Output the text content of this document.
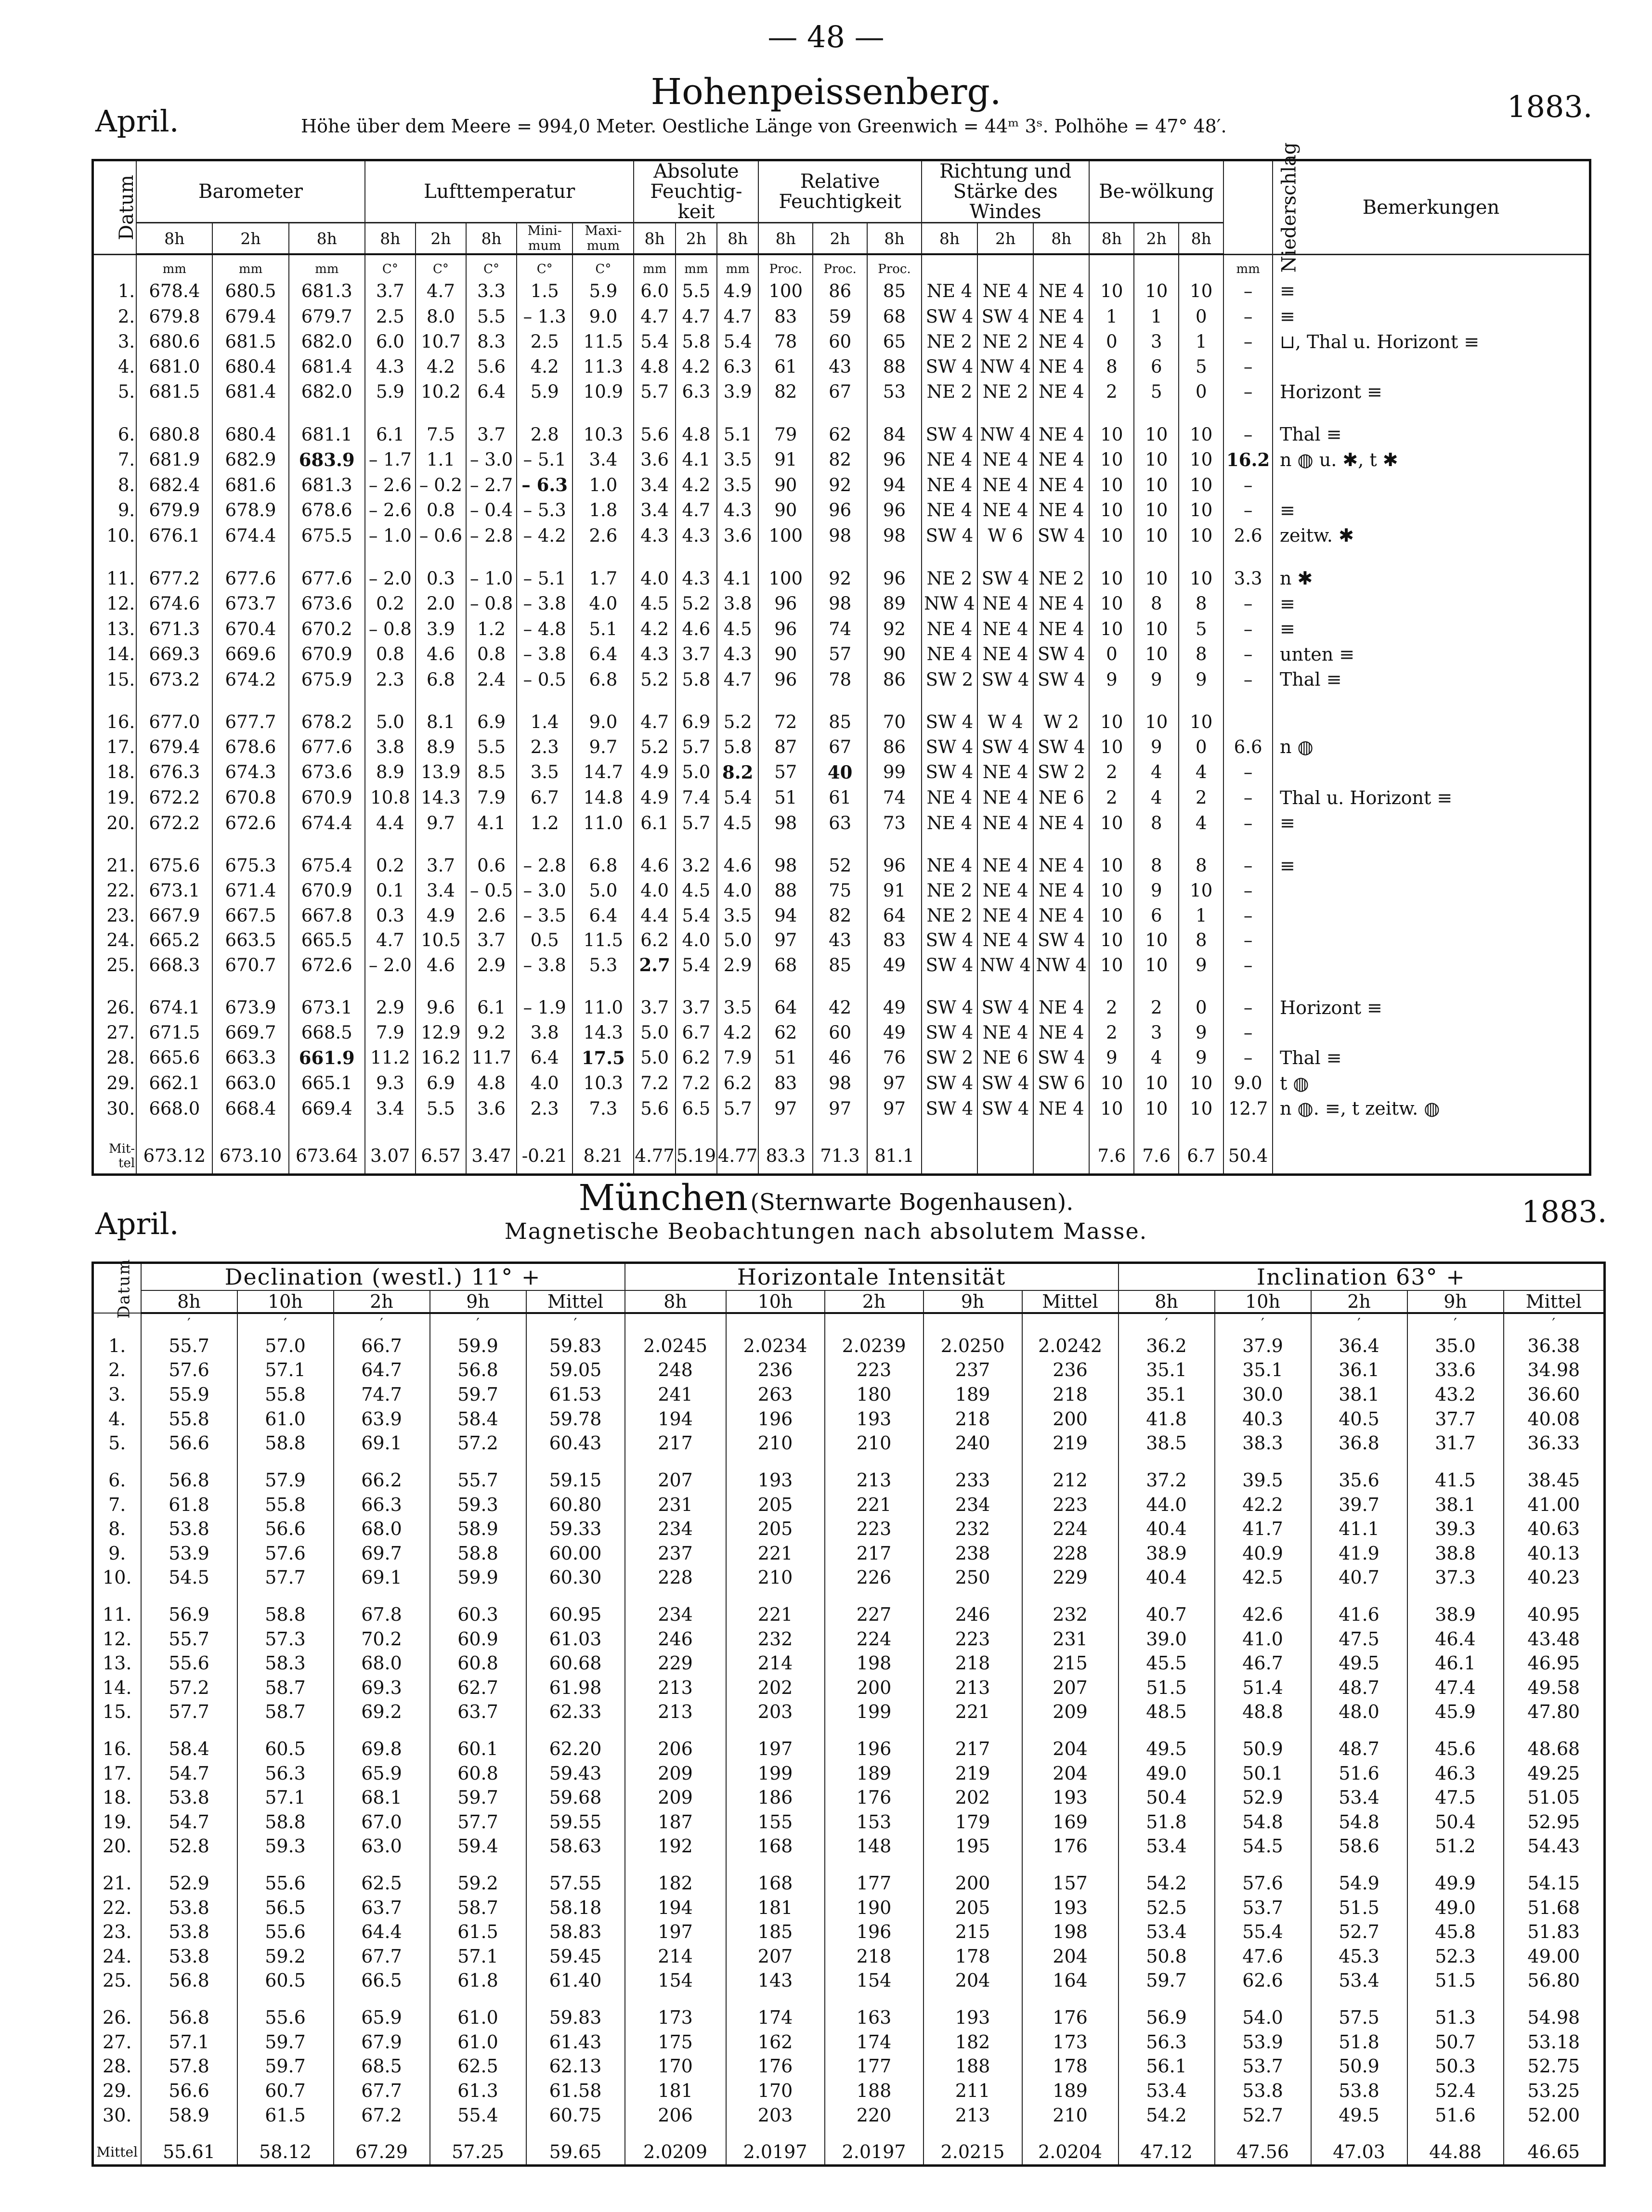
— 48 —
April.
Hohenpeissenberg.	1883.
Höhe über dem Meere = 994,0 Meter. Oestliche Länge von Greenwich = 44ᵐ 3ˢ. Polhöhe = 47° 48′.
Datum	Barometer			Lufttemperatur					Absolute Feuchtig-keit			Relative Feuchtigkeit			Richtung und Stärke des Windes			Be-wölkung			Niederschlag	Bemerkungen
	8h	2h	8h	8h	2h	8h	Mini-mum	Maxi-mum	8h	2h	8h	8h	2h	8h	8h	2h	8h	8h	2h	8h		
	mm	mm	mm	C°	C°	C°	C°	C°	mm	mm	mm	Proc.	Proc.	Proc.							mm	
1.	678.4	680.5	681.3	3.7	4.7	3.3	1.5	5.9	6.0	5.5	4.9	100	86	85	NE 4	NE 4	NE 4	10	10	10	–	≡
2.	679.8	679.4	679.7	2.5	8.0	5.5	– 1.3	9.0	4.7	4.7	4.7	83	59	68	SW 4	SW 4	NE 4	1	1	0	–	≡
3.	680.6	681.5	682.0	6.0	10.7	8.3	2.5	11.5	5.4	5.8	5.4	78	60	65	NE 2	NE 2	NE 4	0	3	1	–	⊔, Thal u. Horizont ≡
4.	681.0	680.4	681.4	4.3	4.2	5.6	4.2	11.3	4.8	4.2	6.3	61	43	88	SW 4	NW 4	NE 4	8	6	5	–	
5.	681.5	681.4	682.0	5.9	10.2	6.4	5.9	10.9	5.7	6.3	3.9	82	67	53	NE 2	NE 2	NE 4	2	5	0	–	Horizont ≡

6.	680.8	680.4	681.1	6.1	7.5	3.7	2.8	10.3	5.6	4.8	5.1	79	62	84	SW 4	NW 4	NE 4	10	10	10	–	Thal ≡
7.	681.9	682.9	683.9	– 1.7	1.1	– 3.0	– 5.1	3.4	3.6	4.1	3.5	91	82	96	NE 4	NE 4	NE 4	10	10	10	16.2	n ◍ u. ✱, t ✱
8.	682.4	681.6	681.3	– 2.6	– 0.2	– 2.7	– 6.3	1.0	3.4	4.2	3.5	90	92	94	NE 4	NE 4	NE 4	10	10	10	–	
9.	679.9	678.9	678.6	– 2.6	0.8	– 0.4	– 5.3	1.8	3.4	4.7	4.3	90	96	96	NE 4	NE 4	NE 4	10	10	10	–	≡
10.	676.1	674.4	675.5	– 1.0	– 0.6	– 2.8	– 4.2	2.6	4.3	4.3	3.6	100	98	98	SW 4	W 6	SW 4	10	10	10	2.6	zeitw. ✱

11.	677.2	677.6	677.6	– 2.0	0.3	– 1.0	– 5.1	1.7	4.0	4.3	4.1	100	92	96	NE 2	SW 4	NE 2	10	10	10	3.3	n ✱
12.	674.6	673.7	673.6	0.2	2.0	– 0.8	– 3.8	4.0	4.5	5.2	3.8	96	98	89	NW 4	NE 4	NE 4	10	8	8	–	≡
13.	671.3	670.4	670.2	– 0.8	3.9	1.2	– 4.8	5.1	4.2	4.6	4.5	96	74	92	NE 4	NE 4	NE 4	10	10	5	–	≡
14.	669.3	669.6	670.9	0.8	4.6	0.8	– 3.8	6.4	4.3	3.7	4.3	90	57	90	NE 4	NE 4	SW 4	0	10	8	–	unten ≡
15.	673.2	674.2	675.9	2.3	6.8	2.4	– 0.5	6.8	5.2	5.8	4.7	96	78	86	SW 2	SW 4	SW 4	9	9	9	–	Thal ≡

16.	677.0	677.7	678.2	5.0	8.1	6.9	1.4	9.0	4.7	6.9	5.2	72	85	70	SW 4	W 4	W 2	10	10	10		
17.	679.4	678.6	677.6	3.8	8.9	5.5	2.3	9.7	5.2	5.7	5.8	87	67	86	SW 4	SW 4	SW 4	10	9	0	6.6	n ◍
18.	676.3	674.3	673.6	8.9	13.9	8.5	3.5	14.7	4.9	5.0	8.2	57	40	99	SW 4	NE 4	SW 2	2	4	4	–	
19.	672.2	670.8	670.9	10.8	14.3	7.9	6.7	14.8	4.9	7.4	5.4	51	61	74	NE 4	NE 4	NE 6	2	4	2	–	Thal u. Horizont ≡
20.	672.2	672.6	674.4	4.4	9.7	4.1	1.2	11.0	6.1	5.7	4.5	98	63	73	NE 4	NE 4	NE 4	10	8	4	–	≡

21.	675.6	675.3	675.4	0.2	3.7	0.6	– 2.8	6.8	4.6	3.2	4.6	98	52	96	NE 4	NE 4	NE 4	10	8	8	–	≡
22.	673.1	671.4	670.9	0.1	3.4	– 0.5	– 3.0	5.0	4.0	4.5	4.0	88	75	91	NE 2	NE 4	NE 4	10	9	10	–	
23.	667.9	667.5	667.8	0.3	4.9	2.6	– 3.5	6.4	4.4	5.4	3.5	94	82	64	NE 2	NE 4	NE 4	10	6	1	–	
24.	665.2	663.5	665.5	4.7	10.5	3.7	0.5	11.5	6.2	4.0	5.0	97	43	83	SW 4	NE 4	SW 4	10	10	8	–	
25.	668.3	670.7	672.6	– 2.0	4.6	2.9	– 3.8	5.3	2.7	5.4	2.9	68	85	49	SW 4	NW 4	NW 4	10	10	9	–	

26.	674.1	673.9	673.1	2.9	9.6	6.1	– 1.9	11.0	3.7	3.7	3.5	64	42	49	SW 4	SW 4	NE 4	2	2	0	–	Horizont ≡
27.	671.5	669.7	668.5	7.9	12.9	9.2	3.8	14.3	5.0	6.7	4.2	62	60	49	SW 4	NE 4	NE 4	2	3	9	–	
28.	665.6	663.3	661.9	11.2	16.2	11.7	6.4	17.5	5.0	6.2	7.9	51	46	76	SW 2	NE 6	SW 4	9	4	9	–	Thal ≡
29.	662.1	663.0	665.1	9.3	6.9	4.8	4.0	10.3	7.2	7.2	6.2	83	98	97	SW 4	SW 4	SW 6	10	10	10	9.0	t ◍
30.	668.0	668.4	669.4	3.4	5.5	3.6	2.3	7.3	5.6	6.5	5.7	97	97	97	SW 4	SW 4	NE 4	10	10	10	12.7	n ◍. ≡, t zeitw. ◍

Mit-tel	673.12	673.10	673.64	3.07	6.57	3.47	-0.21	8.21	4.77	5.19	4.77	83.3	71.3	81.1				7.6	7.6	6.7	50.4	
April.
München (Sternwarte Bogenhausen).	1883.
Magnetische Beobachtungen nach absolutem Masse.
Datum	Declination (westl.) 11° +					Horizontale Intensität					Inclination 63° +				
	8h	10h	2h	9h	Mittel	8h	10h	2h	9h	Mittel	8h	10h	2h	9h	Mittel
	′	′	′	′	′						′	′	′	′	′
1.	55.7	57.0	66.7	59.9	59.83	2.0245	2.0234	2.0239	2.0250	2.0242	36.2	37.9	36.4	35.0	36.38
2.	57.6	57.1	64.7	56.8	59.05	248	236	223	237	236	35.1	35.1	36.1	33.6	34.98
3.	55.9	55.8	74.7	59.7	61.53	241	263	180	189	218	35.1	30.0	38.1	43.2	36.60
4.	55.8	61.0	63.9	58.4	59.78	194	196	193	218	200	41.8	40.3	40.5	37.7	40.08
5.	56.6	58.8	69.1	57.2	60.43	217	210	210	240	219	38.5	38.3	36.8	31.7	36.33

6.	56.8	57.9	66.2	55.7	59.15	207	193	213	233	212	37.2	39.5	35.6	41.5	38.45
7.	61.8	55.8	66.3	59.3	60.80	231	205	221	234	223	44.0	42.2	39.7	38.1	41.00
8.	53.8	56.6	68.0	58.9	59.33	234	205	223	232	224	40.4	41.7	41.1	39.3	40.63
9.	53.9	57.6	69.7	58.8	60.00	237	221	217	238	228	38.9	40.9	41.9	38.8	40.13
10.	54.5	57.7	69.1	59.9	60.30	228	210	226	250	229	40.4	42.5	40.7	37.3	40.23

11.	56.9	58.8	67.8	60.3	60.95	234	221	227	246	232	40.7	42.6	41.6	38.9	40.95
12.	55.7	57.3	70.2	60.9	61.03	246	232	224	223	231	39.0	41.0	47.5	46.4	43.48
13.	55.6	58.3	68.0	60.8	60.68	229	214	198	218	215	45.5	46.7	49.5	46.1	46.95
14.	57.2	58.7	69.3	62.7	61.98	213	202	200	213	207	51.5	51.4	48.7	47.4	49.58
15.	57.7	58.7	69.2	63.7	62.33	213	203	199	221	209	48.5	48.8	48.0	45.9	47.80

16.	58.4	60.5	69.8	60.1	62.20	206	197	196	217	204	49.5	50.9	48.7	45.6	48.68
17.	54.7	56.3	65.9	60.8	59.43	209	199	189	219	204	49.0	50.1	51.6	46.3	49.25
18.	53.8	57.1	68.1	59.7	59.68	209	186	176	202	193	50.4	52.9	53.4	47.5	51.05
19.	54.7	58.8	67.0	57.7	59.55	187	155	153	179	169	51.8	54.8	54.8	50.4	52.95
20.	52.8	59.3	63.0	59.4	58.63	192	168	148	195	176	53.4	54.5	58.6	51.2	54.43

21.	52.9	55.6	62.5	59.2	57.55	182	168	177	200	157	54.2	57.6	54.9	49.9	54.15
22.	53.8	56.5	63.7	58.7	58.18	194	181	190	205	193	52.5	53.7	51.5	49.0	51.68
23.	53.8	55.6	64.4	61.5	58.83	197	185	196	215	198	53.4	55.4	52.7	45.8	51.83
24.	53.8	59.2	67.7	57.1	59.45	214	207	218	178	204	50.8	47.6	45.3	52.3	49.00
25.	56.8	60.5	66.5	61.8	61.40	154	143	154	204	164	59.7	62.6	53.4	51.5	56.80

26.	56.8	55.6	65.9	61.0	59.83	173	174	163	193	176	56.9	54.0	57.5	51.3	54.98
27.	57.1	59.7	67.9	61.0	61.43	175	162	174	182	173	56.3	53.9	51.8	50.7	53.18
28.	57.8	59.7	68.5	62.5	62.13	170	176	177	188	178	56.1	53.7	50.9	50.3	52.75
29.	56.6	60.7	67.7	61.3	61.58	181	170	188	211	189	53.4	53.8	53.8	52.4	53.25
30.	58.9	61.5	67.2	55.4	60.75	206	203	220	213	210	54.2	52.7	49.5	51.6	52.00

Mittel	55.61	58.12	67.29	57.25	59.65	2.0209	2.0197	2.0197	2.0215	2.0204	47.12	47.56	47.03	44.88	46.65
